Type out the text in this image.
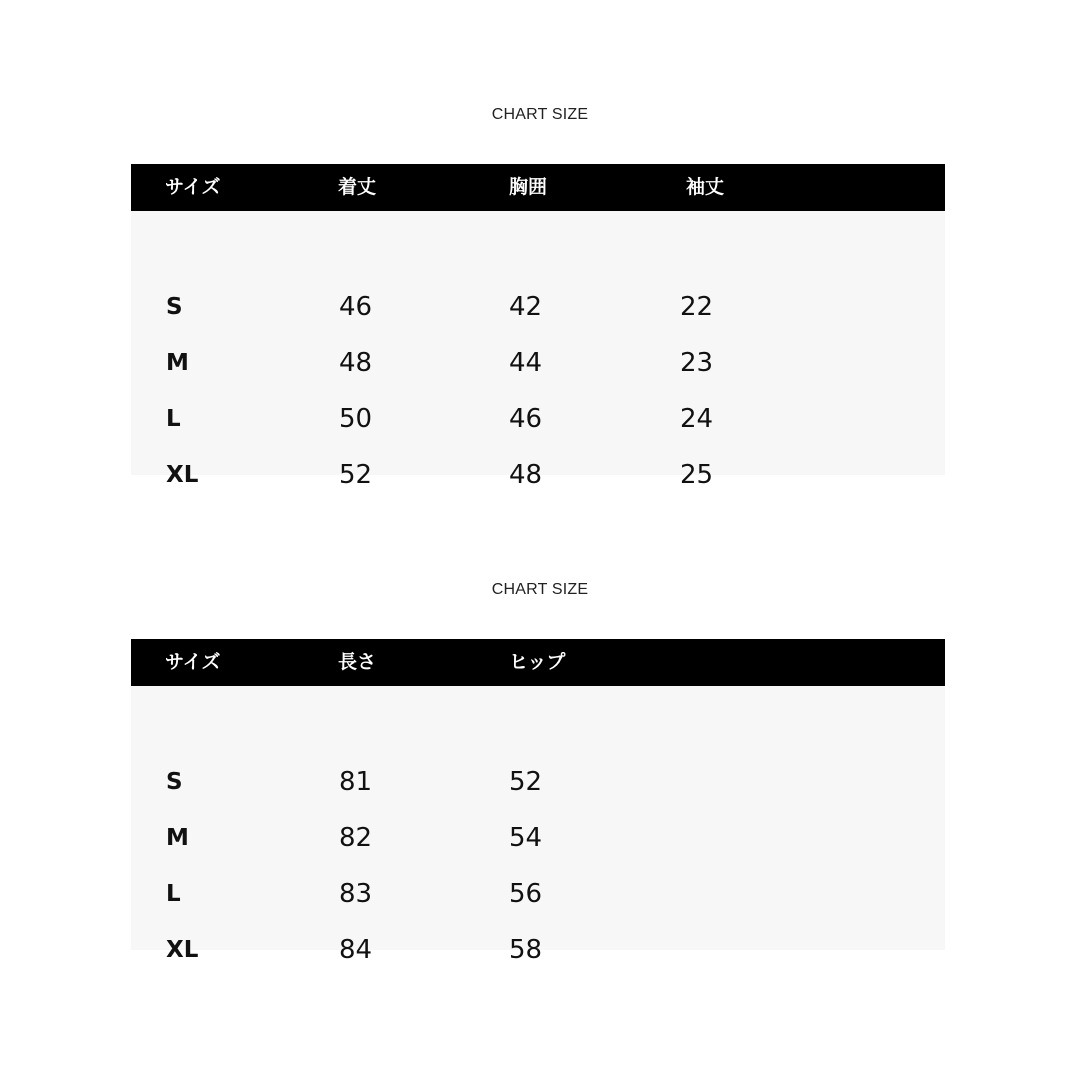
CHART SIZE
サイズ	着丈	胸囲	袖丈
S	46	42	22
M	48	44	23
L	50	46	24
XL	52	48	25
CHART SIZE
サイズ	長さ	ヒップ
S	81	52
M	82	54
L	83	56
XL	84	58
